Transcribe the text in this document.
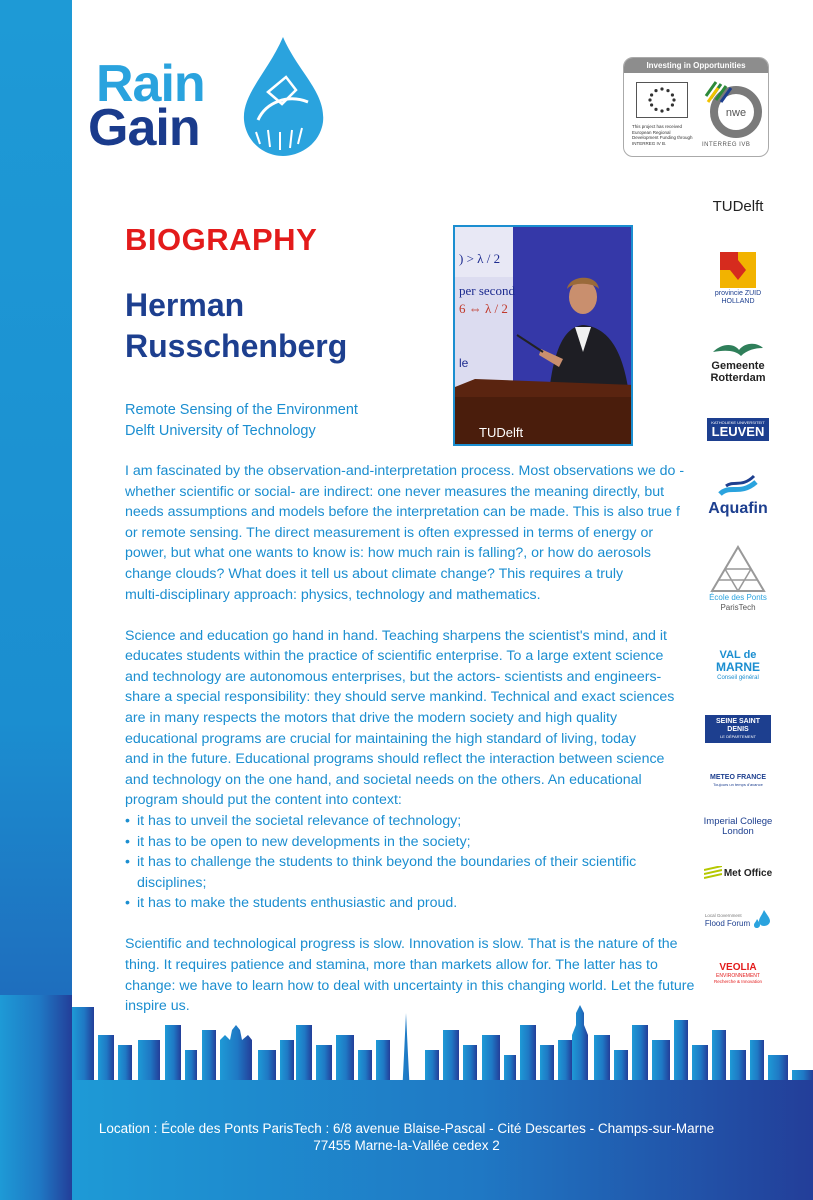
Rain
Gain
Investing in Opportunities
This project has received European Regional Development Funding through INTERREG IV B.
nwe
INTERREG IVB
BIOGRAPHY
Herman
Russchenberg
Remote Sensing of the Environment
Delft University of Technology
) > λ / 2
per second
6 ⇔ λ / 2
le
TUDelft

I am fascinated by the observation-and-interpretation process. Most observations we do -

whether scientific or social- are indirect: one never measures the meaning directly, but

needs assumptions and models before the interpretation can be made. This is also true f

or remote sensing. The direct measurement is often expressed in terms of energy or

power, but what one wants to know is: how much rain is falling?, or how do aerosols

change clouds? What does it tell us about climate change? This requires a truly

multi-disciplinary approach: physics, technology and mathematics.

Science and education go hand in hand. Teaching sharpens the scientist's mind, and it

educates students within the practice of scientific enterprise. To a large extent science

and technology are autonomous enterprises, but the actors- scientists and engineers-

share a special responsibility: they should serve mankind. Technical and exact sciences

are in many respects the motors that drive the modern society and high quality

educational programs are crucial for maintaining the high standard of living, today

and in the future. Educational programs should reflect the interaction between science

and technology on the one hand, and societal needs on the others. An educational

program should put the content into context:

• it has to unveil the societal relevance of technology;
• it has to be open to new developments in the society;
• it has to challenge the students to think beyond the boundaries of their scientific
disciplines;
• it has to make the students enthusiastic and proud.

Scientific and technological progress is slow. Innovation is slow. That is the nature of the

thing. It requires patience and stamina, more than markets allow for. The latter has to

change: we have to learn how to deal with uncertainty in this changing world. Let the future

inspire us.

TUDelft
provincie ZUID HOLLAND
Gemeente
Rotterdam
KATHOLIEKE UNIVERSITEIT
LEUVEN
Aquafin
École des Ponts
ParisTech
VAL de
MARNE
Conseil général
SEINE SAINT DENIS
LE DÉPARTEMENT
METEO FRANCE
Toujours un temps d'avance
Imperial College
London
Met Office
Local Government
Flood Forum
VEOLIA
ENVIRONNEMENT
Recherche & Innovation
Location : École des Ponts ParisTech : 6/8 avenue Blaise-Pascal - Cité Descartes - Champs-sur-Marne
77455 Marne-la-Vallée cedex 2
